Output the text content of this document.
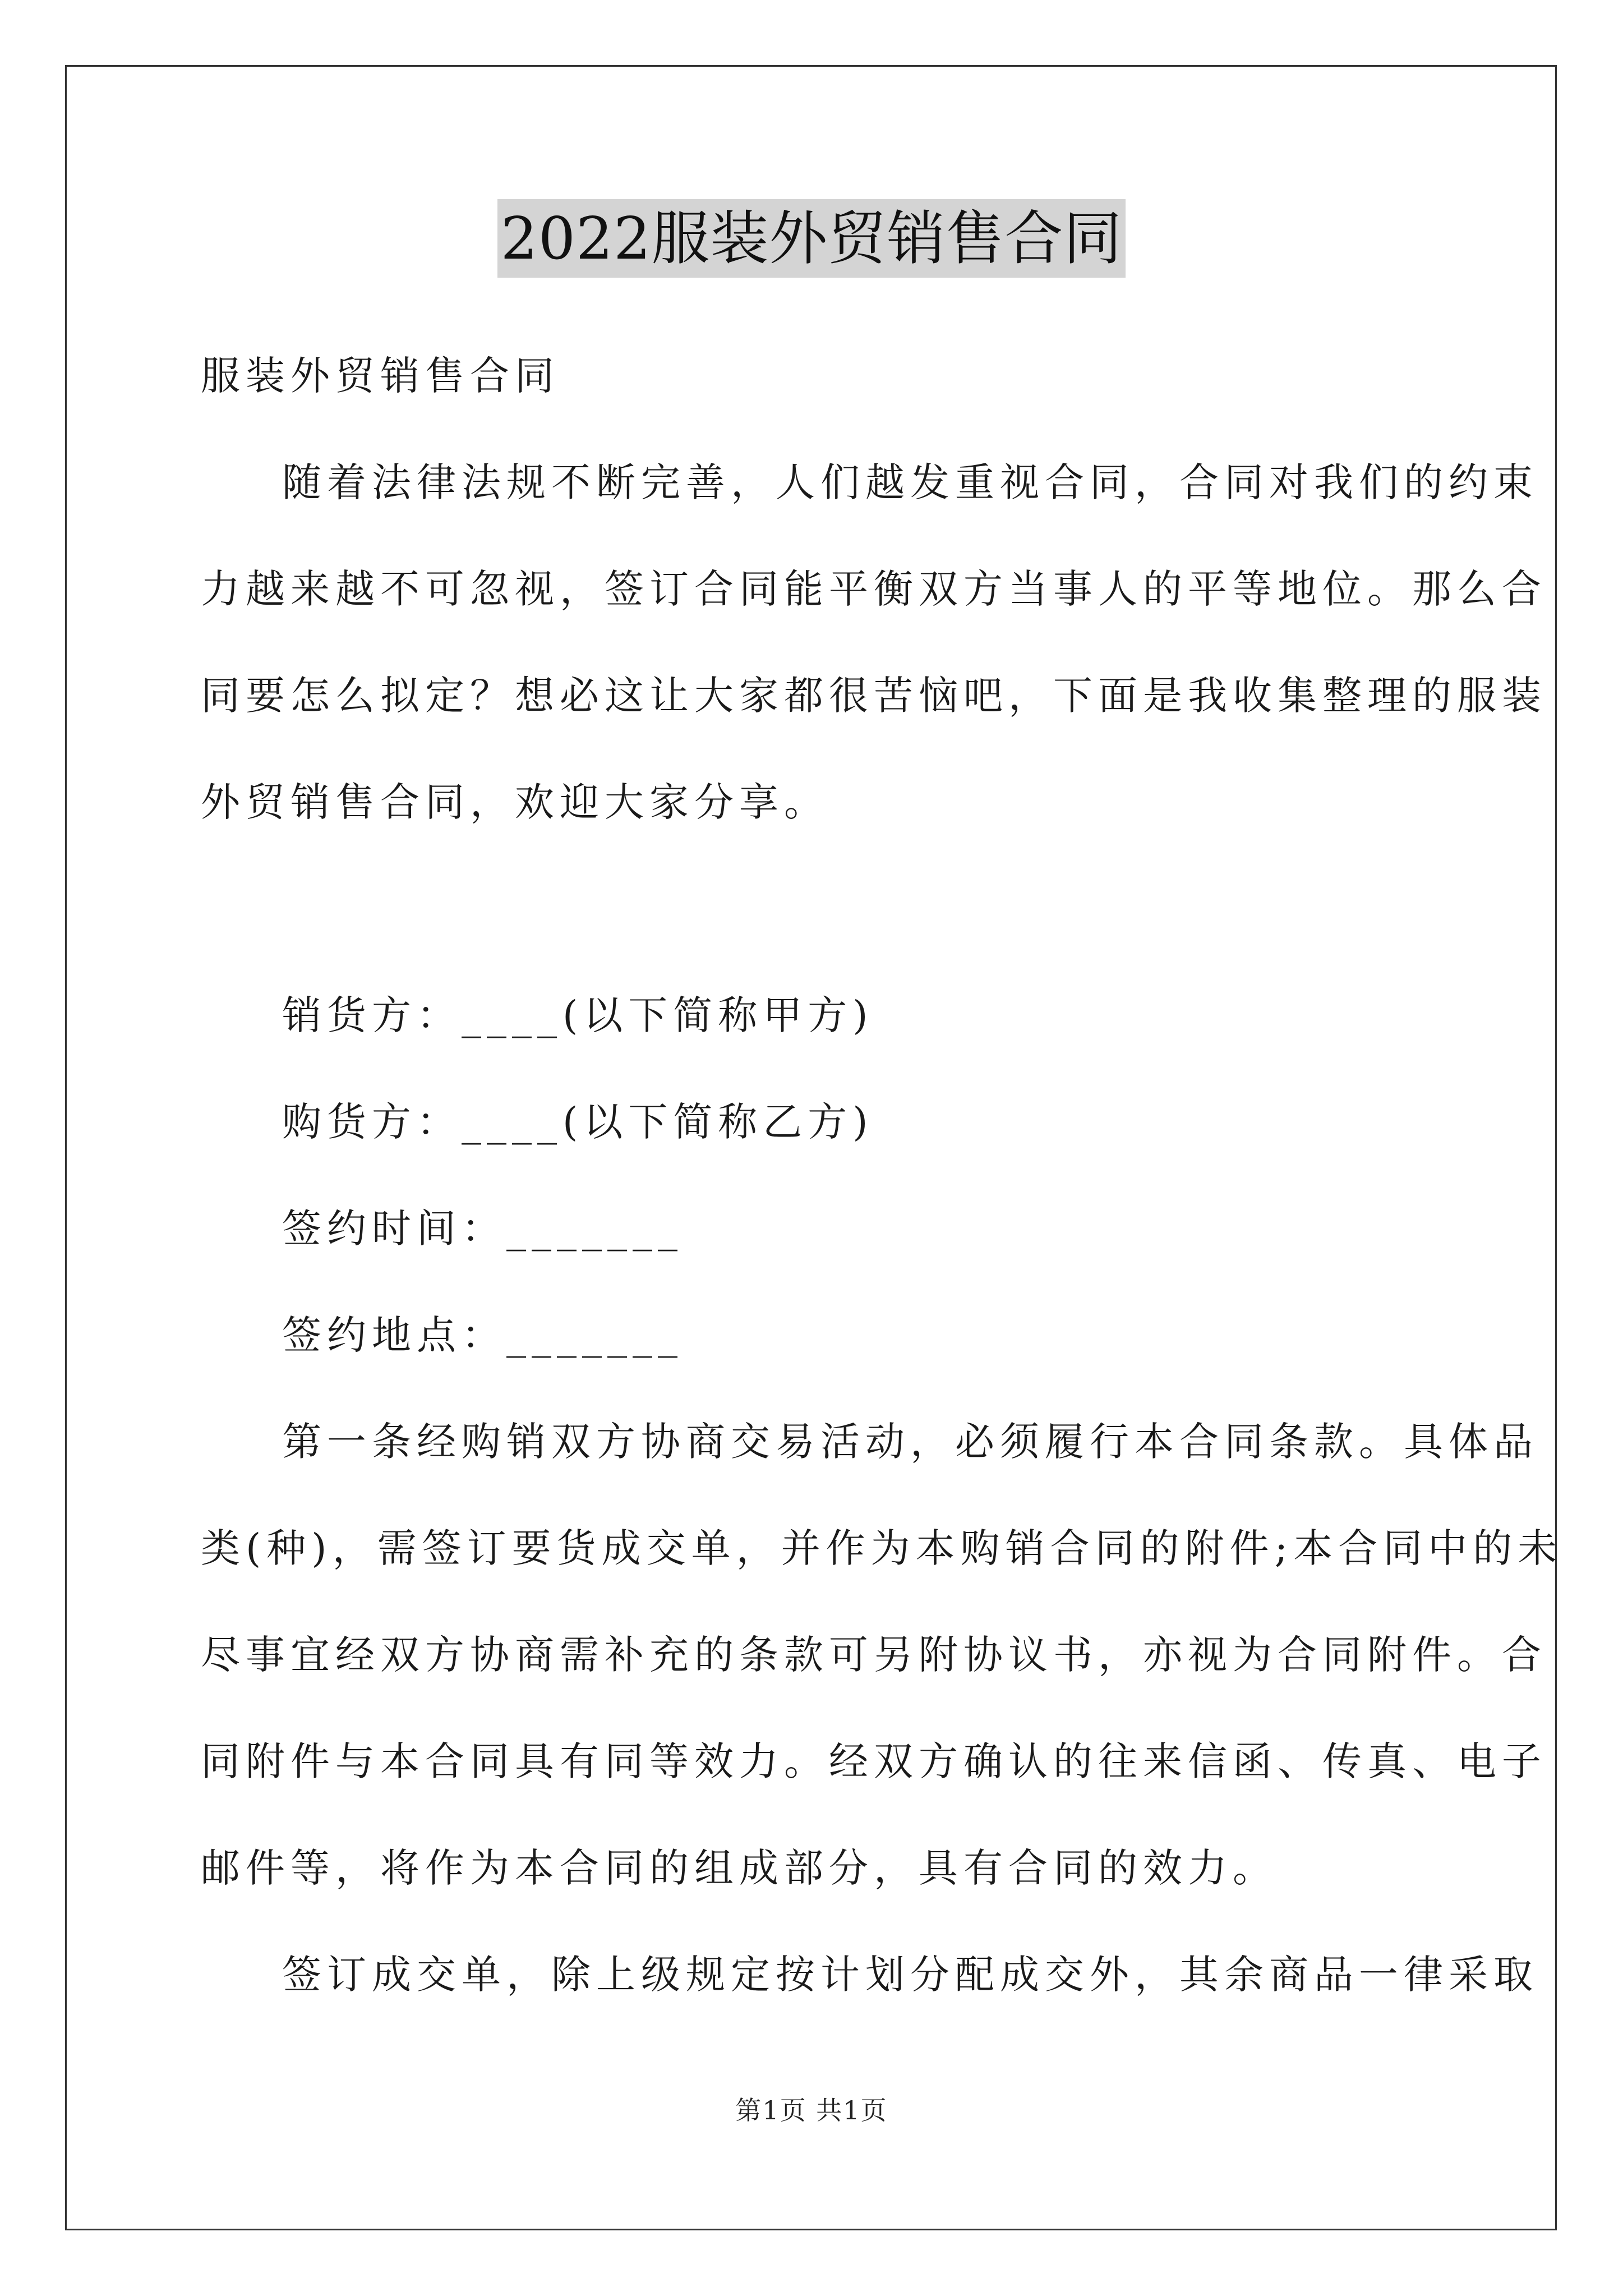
2022服装外贸销售合同
服装外贸销售合同
随着法律法规不断完善，人们越发重视合同，合同对我们的约束
力越来越不可忽视，签订合同能平衡双方当事人的平等地位。那么合
同要怎么拟定？想必这让大家都很苦恼吧，下面是我收集整理的服装
外贸销售合同，欢迎大家分享。
销货方：____(以下简称甲方)
购货方：____(以下简称乙方)
签约时间：_______
签约地点：_______
第一条经购销双方协商交易活动，必须履行本合同条款。具体品
类(种)，需签订要货成交单，并作为本购销合同的附件;本合同中的未
尽事宜经双方协商需补充的条款可另附协议书，亦视为合同附件。合
同附件与本合同具有同等效力。经双方确认的往来信函、传真、电子
邮件等，将作为本合同的组成部分，具有合同的效力。
签订成交单，除上级规定按计划分配成交外，其余商品一律采取
第1页 共1页
